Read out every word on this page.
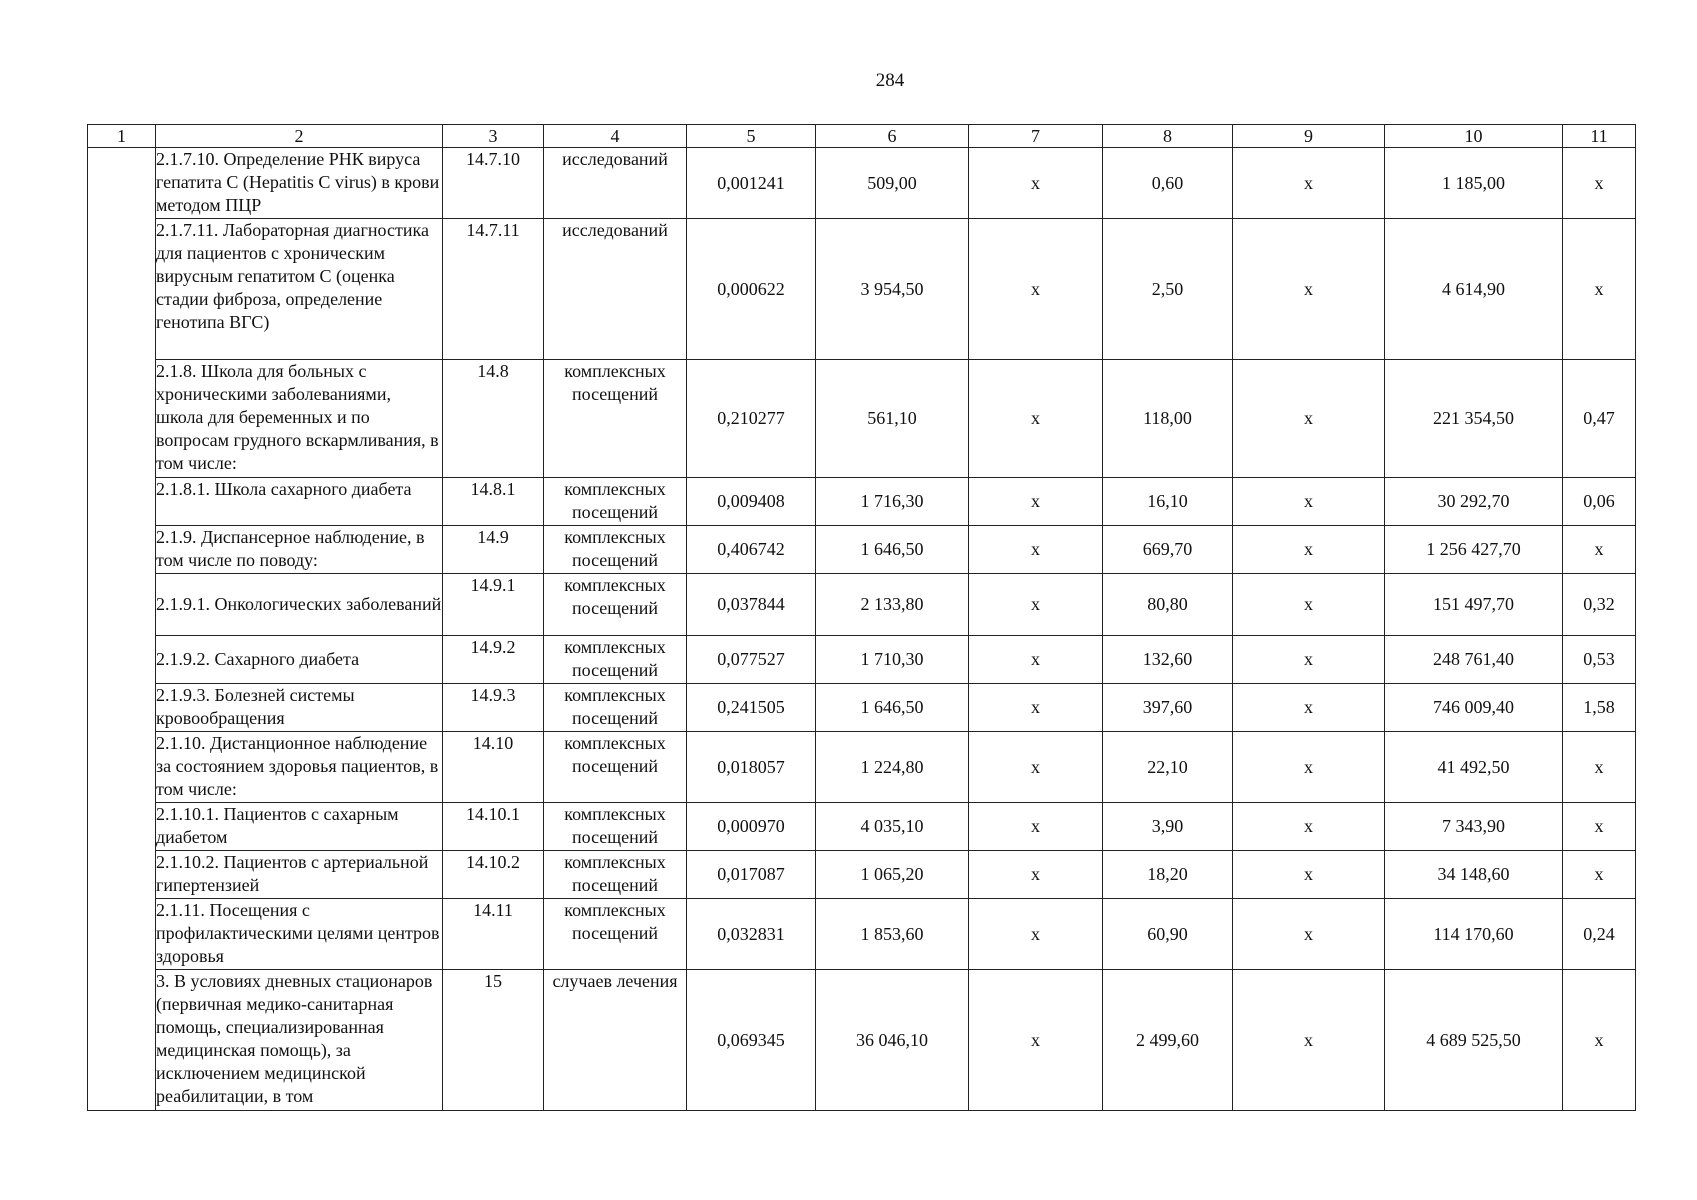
284
1	2	3	4	5	6	7	8	9	10	11
	2.1.7.10. Определение РНК вируса гепатита С (Hepatitis C virus) в крови методом ПЦР	14.7.10	исследований	0,001241	509,00	х	0,60	х	1 185,00	х
	2.1.7.11. Лабораторная диагностика для пациентов с хроническим вирусным гепатитом С (оценка стадии фиброза, определение генотипа ВГС)	14.7.11	исследований	0,000622	3 954,50	х	2,50	х	4 614,90	х
	2.1.8. Школа для больных с хроническими заболеваниями, школа для беременных и по вопросам грудного вскармливания, в том числе:	14.8	комплексных посещений	0,210277	561,10	х	118,00	х	221 354,50	0,47
	2.1.8.1. Школа сахарного диабета	14.8.1	комплексных посещений	0,009408	1 716,30	х	16,10	х	30 292,70	0,06
	2.1.9. Диспансерное наблюдение, в том числе по поводу:	14.9	комплексных посещений	0,406742	1 646,50	х	669,70	х	1 256 427,70	х
	2.1.9.1. Онкологических заболеваний	14.9.1	комплексных посещений	0,037844	2 133,80	х	80,80	х	151 497,70	0,32
	2.1.9.2. Сахарного диабета	14.9.2	комплексных посещений	0,077527	1 710,30	х	132,60	х	248 761,40	0,53
	2.1.9.3. Болезней системы кровообращения	14.9.3	комплексных посещений	0,241505	1 646,50	х	397,60	х	746 009,40	1,58
	2.1.10. Дистанционное наблюдение за состоянием здоровья пациентов, в том числе:	14.10	комплексных посещений	0,018057	1 224,80	х	22,10	х	41 492,50	х
	2.1.10.1. Пациентов с сахарным диабетом	14.10.1	комплексных посещений	0,000970	4 035,10	х	3,90	х	7 343,90	х
	2.1.10.2. Пациентов с артериальной гипертензией	14.10.2	комплексных посещений	0,017087	1 065,20	х	18,20	х	34 148,60	х
	2.1.11. Посещения с профилактическими целями центров здоровья	14.11	комплексных посещений	0,032831	1 853,60	х	60,90	х	114 170,60	0,24
	3. В условиях дневных стационаров (первичная медико-санитарная помощь, специализированная медицинская помощь), за исключением медицинской реабилитации, в том	15	случаев лечения	0,069345	36 046,10	х	2 499,60	х	4 689 525,50	х
